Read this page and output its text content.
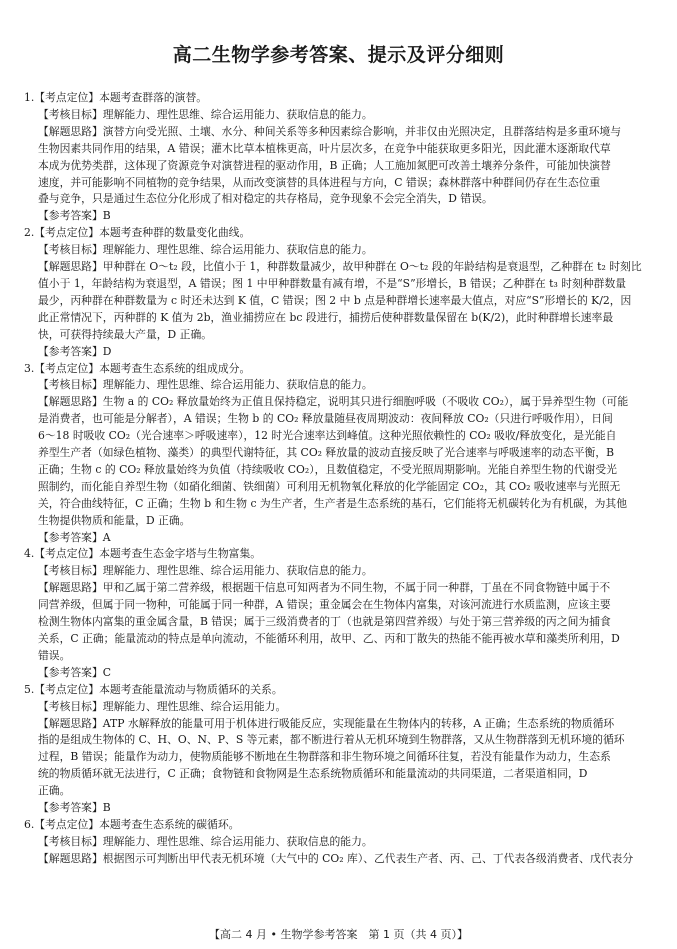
高二生物学参考答案、提示及评分细则
1.【考点定位】本题考查群落的演替。
【考核目标】理解能力、理性思维、综合运用能力、获取信息的能力。
【解题思路】演替方向受光照、土壤、水分、种间关系等多种因素综合影响，并非仅由光照决定，且群落结构是多重环境与
生物因素共同作用的结果，A 错误；灌木比草本植株更高，叶片层次多，在竞争中能获取更多阳光，因此灌木逐渐取代草
本成为优势类群，这体现了资源竞争对演替进程的驱动作用，B 正确；人工施加氮肥可改善土壤养分条件，可能加快演替
速度，并可能影响不同植物的竞争结果，从而改变演替的具体进程与方向，C 错误；森林群落中种群间仍存在生态位重
叠与竞争，只是通过生态位分化形成了相对稳定的共存格局，竞争现象不会完全消失，D 错误。
【参考答案】B
2.【考点定位】本题考查种群的数量变化曲线。
【考核目标】理解能力、理性思维、综合运用能力、获取信息的能力。
【解题思路】甲种群在 O～t₂ 段，比值小于 1，种群数量减少，故甲种群在 O～t₂ 段的年龄结构是衰退型，乙种群在 t₂ 时刻比
值小于 1，年龄结构为衰退型，A 错误；图 1 中甲种群数量有减有增，不是“S”形增长，B 错误；乙种群在 t₃ 时刻种群数量
最少，丙种群在种群数量为 c 时还未达到 K 值，C 错误；图 2 中 b 点是种群增长速率最大值点，对应“S”形增长的 K/2，因
此正常情况下，丙种群的 K 值为 2b，渔业捕捞应在 bc 段进行，捕捞后使种群数量保留在 b(K/2)，此时种群增长速率最
快，可获得持续最大产量，D 正确。
【参考答案】D
3.【考点定位】本题考查生态系统的组成成分。
【考核目标】理解能力、理性思维、综合运用能力、获取信息的能力。
【解题思路】生物 a 的 CO₂ 释放量始终为正值且保持稳定，说明其只进行细胞呼吸（不吸收 CO₂），属于异养型生物（可能
是消费者，也可能是分解者），A 错误；生物 b 的 CO₂ 释放量随昼夜周期波动：夜间释放 CO₂（只进行呼吸作用），日间
6～18 时吸收 CO₂（光合速率＞呼吸速率），12 时光合速率达到峰值。这种光照依赖性的 CO₂ 吸收/释放变化，是光能自
养型生产者（如绿色植物、藻类）的典型代谢特征，其 CO₂ 释放量的波动直接反映了光合速率与呼吸速率的动态平衡，B
正确；生物 c 的 CO₂ 释放量始终为负值（持续吸收 CO₂），且数值稳定，不受光照周期影响。光能自养型生物的代谢受光
照制约，而化能自养型生物（如硝化细菌、铁细菌）可利用无机物氧化释放的化学能固定 CO₂，其 CO₂ 吸收速率与光照无
关，符合曲线特征，C 正确；生物 b 和生物 c 为生产者，生产者是生态系统的基石，它们能将无机碳转化为有机碳，为其他
生物提供物质和能量，D 正确。
【参考答案】A
4.【考点定位】本题考查生态金字塔与生物富集。
【考核目标】理解能力、理性思维、综合运用能力、获取信息的能力。
【解题思路】甲和乙属于第二营养级，根据题干信息可知两者为不同生物，不属于同一种群，丁虽在不同食物链中属于不
同营养级，但属于同一物种，可能属于同一种群，A 错误；重金属会在生物体内富集，对该河流进行水质监测，应该主要
检测生物体内富集的重金属含量，B 错误；属于三级消费者的丁（也就是第四营养级）与处于第三营养级的丙之间为捕食
关系，C 正确；能量流动的特点是单向流动，不能循环利用，故甲、乙、丙和丁散失的热能不能再被水草和藻类所利用，D
错误。
【参考答案】C
5.【考点定位】本题考查能量流动与物质循环的关系。
【考核目标】理解能力、理性思维、综合运用能力。
【解题思路】ATP 水解释放的能量可用于机体进行吸能反应，实现能量在生物体内的转移，A 正确；生态系统的物质循环
指的是组成生物体的 C、H、O、N、P、S 等元素，都不断进行着从无机环境到生物群落，又从生物群落到无机环境的循环
过程，B 错误；能量作为动力，使物质能够不断地在生物群落和非生物环境之间循环往复，若没有能量作为动力，生态系
统的物质循环就无法进行，C 正确；食物链和食物网是生态系统物质循环和能量流动的共同渠道，二者渠道相同，D
正确。
【参考答案】B
6.【考点定位】本题考查生态系统的碳循环。
【考核目标】理解能力、理性思维、综合运用能力、获取信息的能力。
【解题思路】根据图示可判断出甲代表无机环境（大气中的 CO₂ 库）、乙代表生产者、丙、己、丁代表各级消费者、戊代表分
【高二 4 月 • 生物学参考答案　第 1 页（共 4 页）】
